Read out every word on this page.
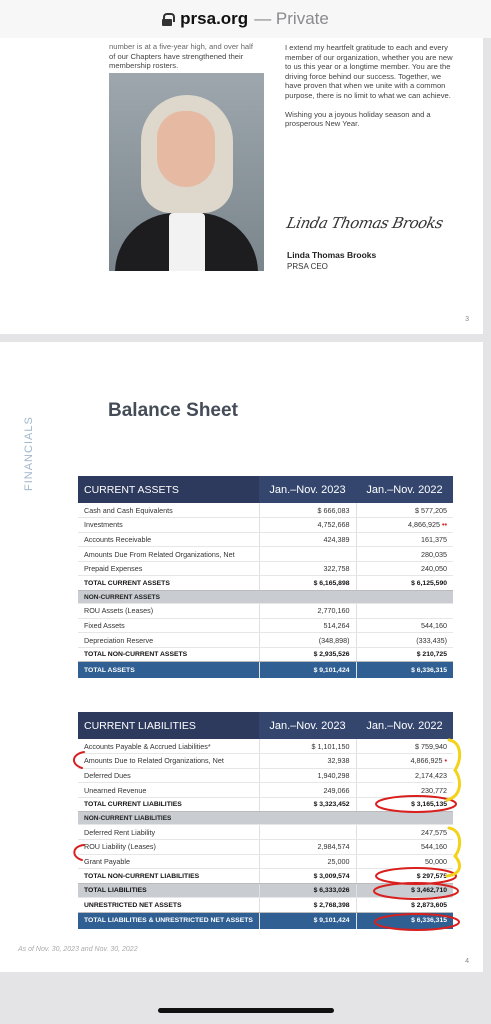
prsa.org — Private
number is at a five-year high, and over half
of our Chapters have strengthened their
membership rosters.

I extend my heartfelt gratitude to each and every member of our organization, whether you are new to us this year or a longtime member. You are the driving force behind our success. Together, we have proven that when we unite with a common purpose, there is no limit to what we can achieve.

Wishing you a joyous holiday season and a prosperous New Year.

Linda Thomas Brooks
Linda Thomas Brooks
PRSA CEO
3
FINANCIALS
Balance Sheet
CURRENT ASSETS	Jan.–Nov. 2023	Jan.–Nov. 2022
Cash and Cash Equivalents	$ 666,083	$ 577,205
Investments	4,752,668	4,866,925 ••
Accounts Receivable	424,389	161,375
Amounts Due From Related Organizations, Net		280,035
Prepaid Expenses	322,758	240,050
TOTAL CURRENT ASSETS	$ 6,165,898	$ 6,125,590
NON-CURRENT ASSETS		
ROU Assets (Leases)	2,770,160	
Fixed Assets	514,264	544,160
Depreciation Reserve	(348,898)	(333,435)
TOTAL NON-CURRENT ASSETS	$ 2,935,526	$ 210,725
TOTAL ASSETS	$ 9,101,424	$ 6,336,315
CURRENT LIABILITIES	Jan.–Nov. 2023	Jan.–Nov. 2022
Accounts Payable & Accrued Liabilities*	$ 1,101,150	$ 759,940
Amounts Due to Related Organizations, Net	32,938	4,866,925 •
Deferred Dues	1,940,298	2,174,423
Unearned Revenue	249,066	230,772
TOTAL CURRENT LIABILITIES	$ 3,323,452	$ 3,165,135
NON-CURRENT LIABILITIES		
Deferred Rent Liability		247,575
ROU Liability (Leases)	2,984,574	544,160
Grant Payable	25,000	50,000
TOTAL NON-CURRENT LIABILITIES	$ 3,009,574	$ 297,575
TOTAL LIABILITIES	$ 6,333,026	$ 3,462,710
UNRESTRICTED NET ASSETS	$ 2,768,398	$ 2,873,605
TOTAL LIABILITIES & UNRESTRICTED NET ASSETS	$ 9,101,424	$ 6,336,315
As of Nov. 30, 2023 and Nov. 30, 2022
4
